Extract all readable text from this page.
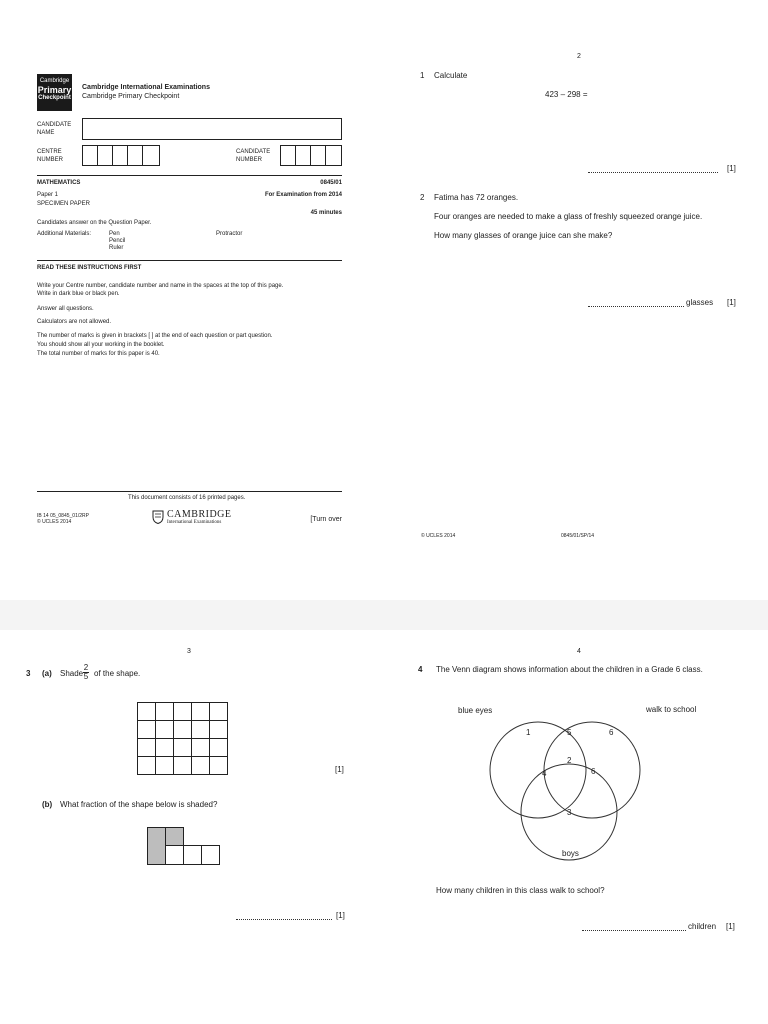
Cambridge
Primary
Checkpoint
Cambridge International Examinations
Cambridge Primary Checkpoint
CANDIDATE
NAME
CENTRE
NUMBER
CANDIDATE
NUMBER
MATHEMATICS	0845/01
Paper 1	For Examination from 2014
SPECIMEN PAPER
45 minutes
Candidates answer on the Question Paper.
Additional Materials:	Pen
Pencil
Ruler
Protractor
READ THESE INSTRUCTIONS FIRST
Write your Centre number, candidate number and name in the spaces at the top of this page.
Write in dark blue or black pen.
Answer all questions.
Calculators are not allowed.
The number of marks is given in brackets [ ] at the end of each question or part question.
You should show all your working in the booklet.
The total number of marks for this paper is 40.
This document consists of 16 printed pages.
IB 14 05_0845_01/2RP
© UCLES 2014
CAMBRIDGE
International Examinations	[Turn over
2
1 Calculate
423 – 298 =
[1]
2 Fatima has 72 oranges.
Four oranges are needed to make a glass of freshly squeezed orange juice.
How many glasses of orange juice can she make?
glasses [1]
© UCLES 2014	0845/01/SP/14
3
3 (a) Shade
2
5 of the shape.
[1]
(b) What fraction of the shape below is shaded?
[1]
4
4 The Venn diagram shows information about the children in a Grade 6 class.
blue eyes	walk to school
boys
1	5	6
2
4	6
3
How many children in this class walk to school?
children [1]
